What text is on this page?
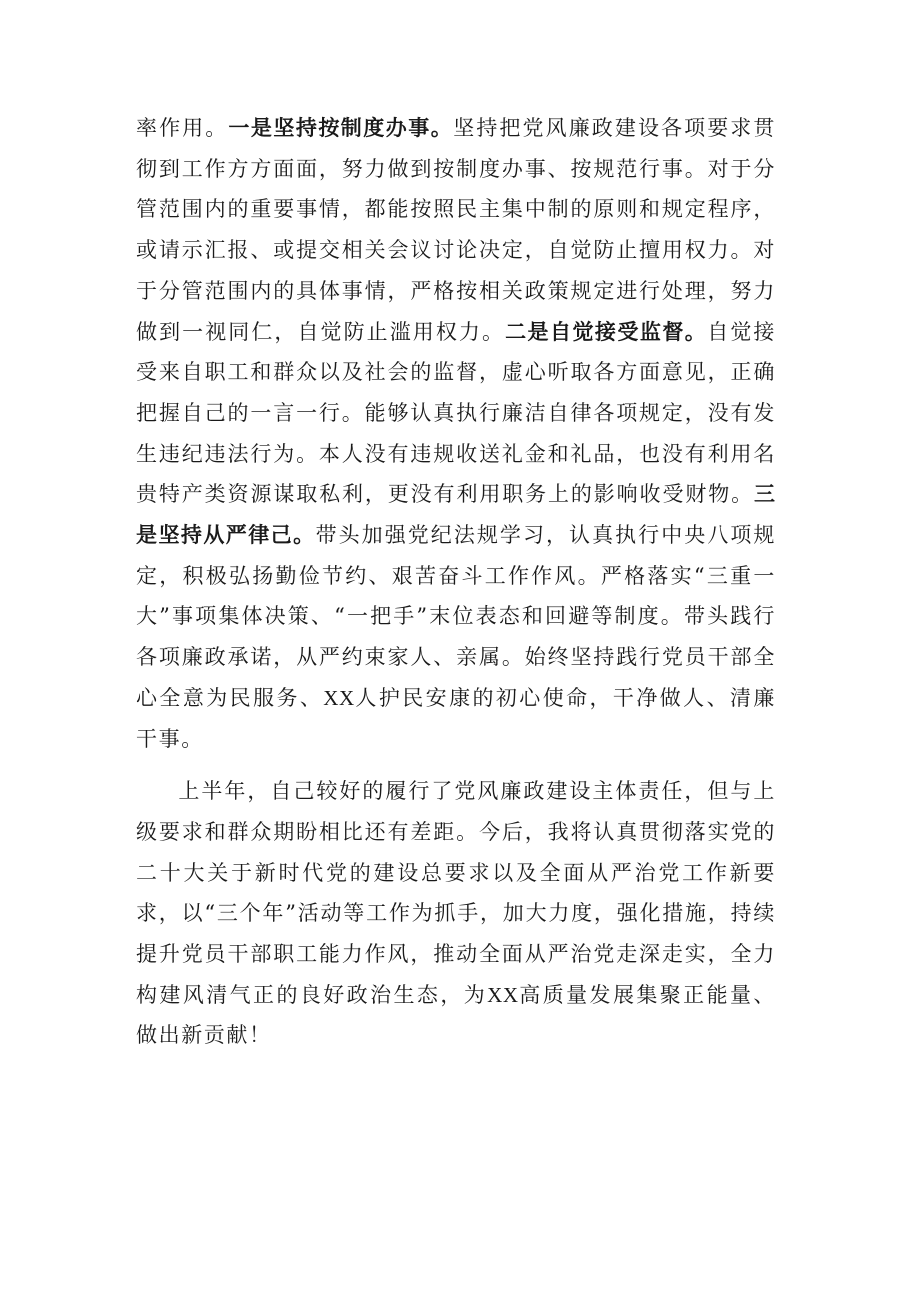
率作用。一是坚持按制度办事。坚持把党风廉政建设各项要求贯彻到工作方方面面，努力做到按制度办事、按规范行事。对于分管范围内的重要事情，都能按照民主集中制的原则和规定程序，或请示汇报、或提交相关会议讨论决定，自觉防止擅用权力。对于分管范围内的具体事情，严格按相关政策规定进行处理，努力做到一视同仁，自觉防止滥用权力。二是自觉接受监督。自觉接受来自职工和群众以及社会的监督，虚心听取各方面意见，正确把握自己的一言一行。能够认真执行廉洁自律各项规定，没有发生违纪违法行为。本人没有违规收送礼金和礼品，也没有利用名贵特产类资源谋取私利，更没有利用职务上的影响收受财物。三是坚持从严律己。带头加强党纪法规学习，认真执行中央八项规定，积极弘扬勤俭节约、艰苦奋斗工作作风。严格落实“三重一大”事项集体决策、“一把手”末位表态和回避等制度。带头践行各项廉政承诺，从严约束家人、亲属。始终坚持践行党员干部全心全意为民服务、XX人护民安康的初心使命，干净做人、清廉干事。

上半年，自己较好的履行了党风廉政建设主体责任，但与上级要求和群众期盼相比还有差距。今后，我将认真贯彻落实党的二十大关于新时代党的建设总要求以及全面从严治党工作新要求，以“三个年”活动等工作为抓手，加大力度，强化措施，持续提升党员干部职工能力作风，推动全面从严治党走深走实，全力构建风清气正的良好政治生态，为XX高质量发展集聚正能量、做出新贡献！
